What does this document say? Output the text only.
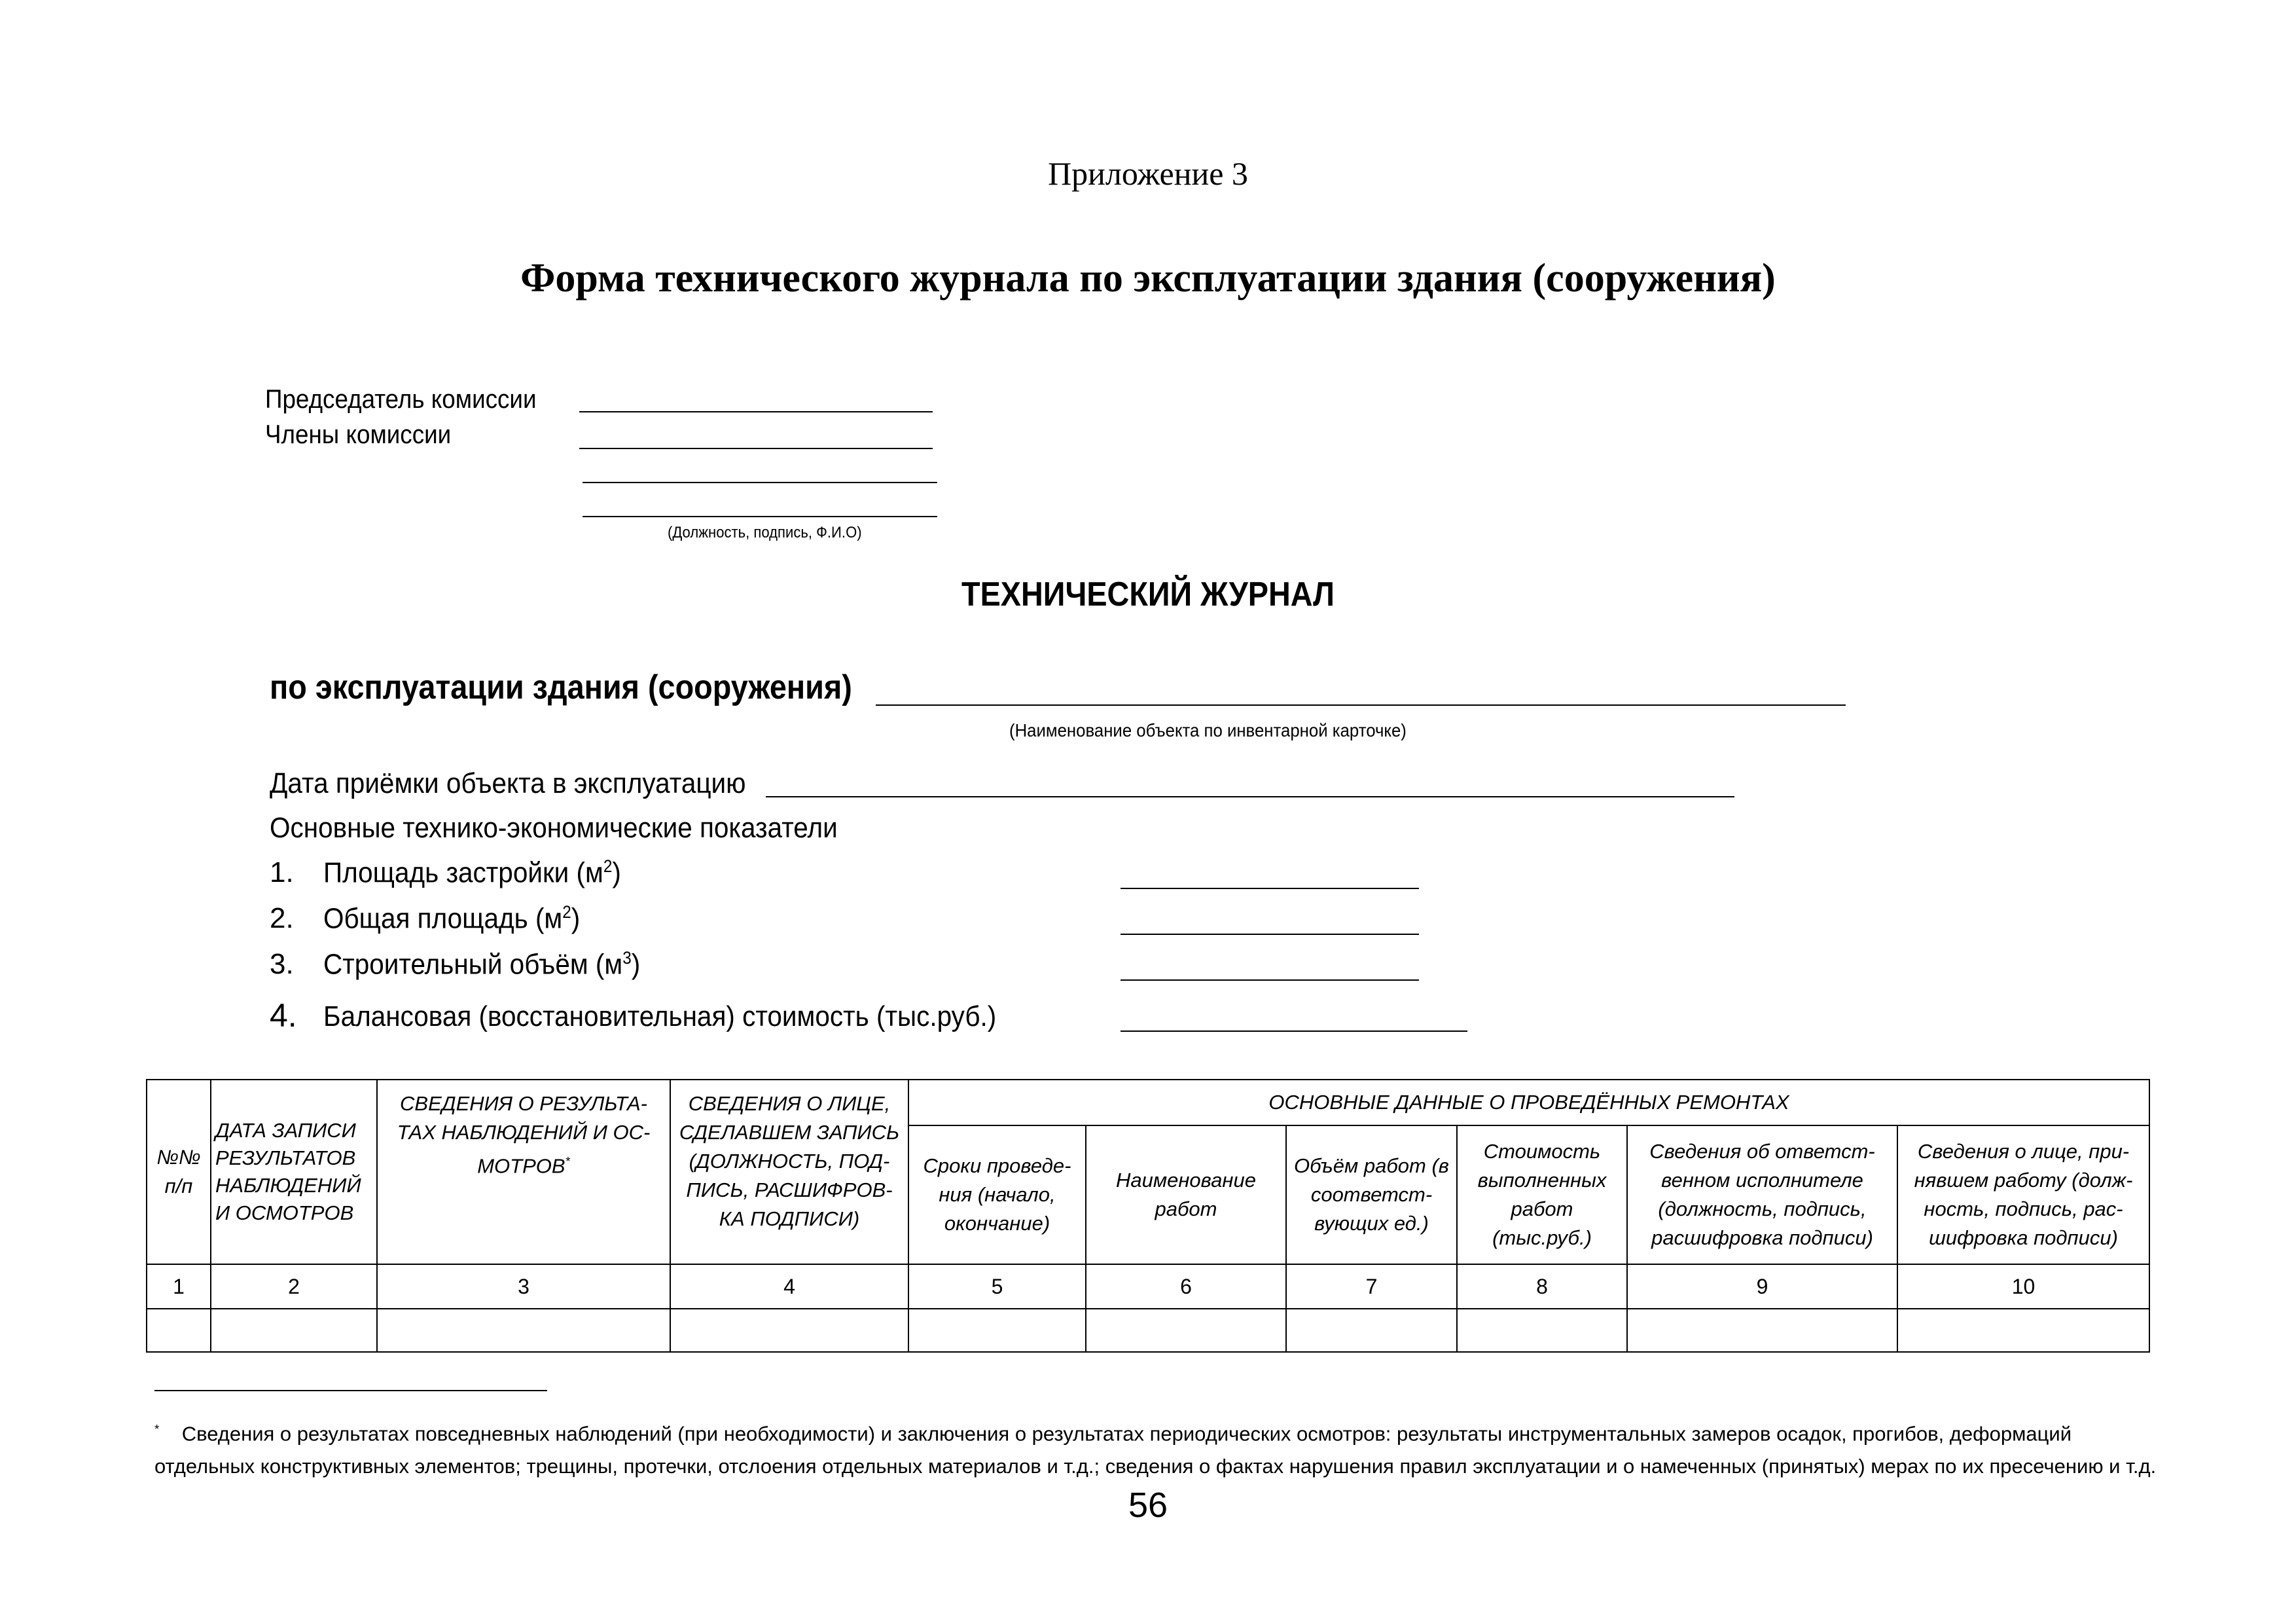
Приложение 3
Форма технического журнала по эксплуатации здания (сооружения)
Председатель комиссии
Члены комиссии
(Должность, подпись, Ф.И.О)
ТЕХНИЧЕСКИЙ ЖУРНАЛ
по эксплуатации здания (сооружения)
(Наименование объекта по инвентарной карточке)
Дата приёмки объекта в эксплуатацию
Основные технико-экономические показатели
1. Площадь застройки $(м^2)$
2. Общая площадь $(м^2)$
3. Строительный объём $(м^3)$
4. Балансовая (восстановительная) стоимость (тыс.руб.)
№№ п/п	ДАТА ЗАПИСИ РЕЗУЛЬТАТОВ НАБЛЮДЕНИЙ И ОСМОТРОВ	СВЕДЕНИЯ О РЕЗУЛЬТА-ТАХ НАБЛЮДЕНИЙ И ОС-МОТРОВ*	СВЕДЕНИЯ О ЛИЦЕ, СДЕЛАВШЕМ ЗАПИСЬ (ДОЛЖНОСТЬ, ПОД-ПИСЬ, РАСШИФРОВ-КА ПОДПИСИ)	ОСНОВНЫЕ ДАННЫЕ О ПРОВЕДЁННЫХ РЕМОНТАХ					
				Сроки проведе-ния (начало, окончание)	Наименование работ	Объём работ (в соответст-вующих ед.)	Стоимость выполненных работ (тыс.руб.)	Сведения об ответст-венном исполнителе (должность, подпись, расшифровка подписи)	Сведения о лице, при-нявшем работу (долж-ность, подпись, рас-шифровка подписи)
1	2	3	4	5	6	7	8	9	10

* Сведения о результатах повседневных наблюдений (при необходимости) и заключения о результатах периодических осмотров: результаты инструментальных замеров осадок, прогибов, деформаций отдельных конструктивных элементов; трещины, протечки, отслоения отдельных материалов и т.д.; сведения о фактах нарушения правил эксплуатации и о намеченных (принятых) мерах по их пресечению и т.д.
56
